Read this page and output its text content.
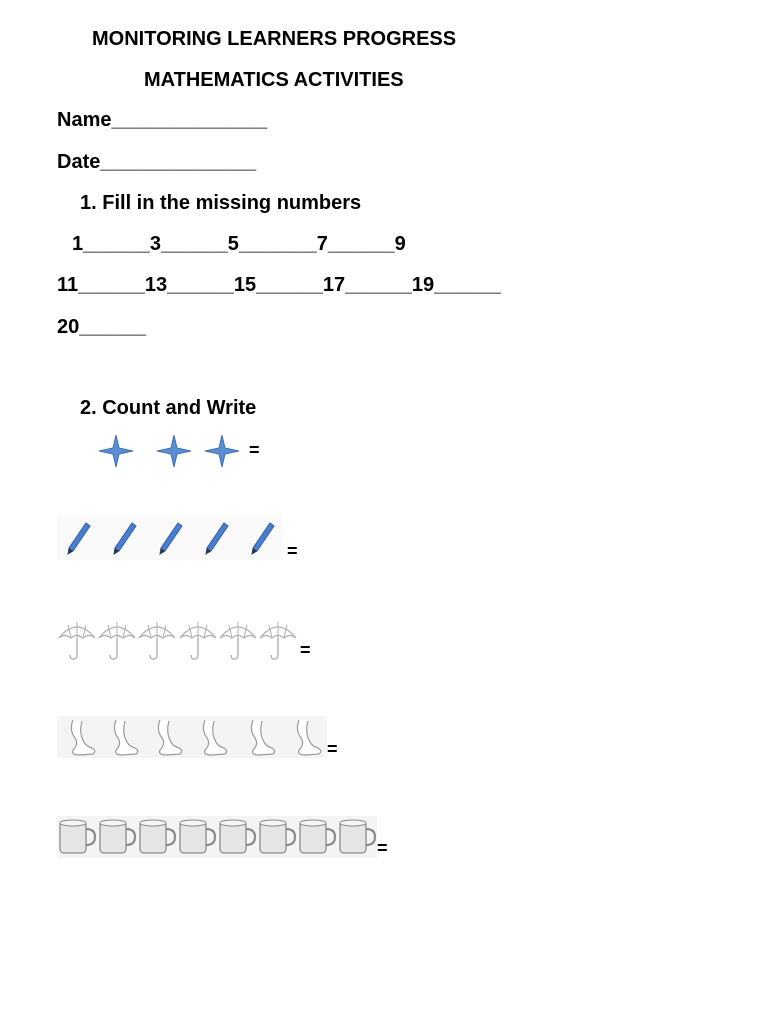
MONITORING LEARNERS PROGRESS
MATHEMATICS ACTIVITIES
Name______________
Date______________
1. Fill in the missing numbers
1______3______5_______7______9
11______13______15______17______19______
20______
2. Count and Write
=
=
=
=
=
